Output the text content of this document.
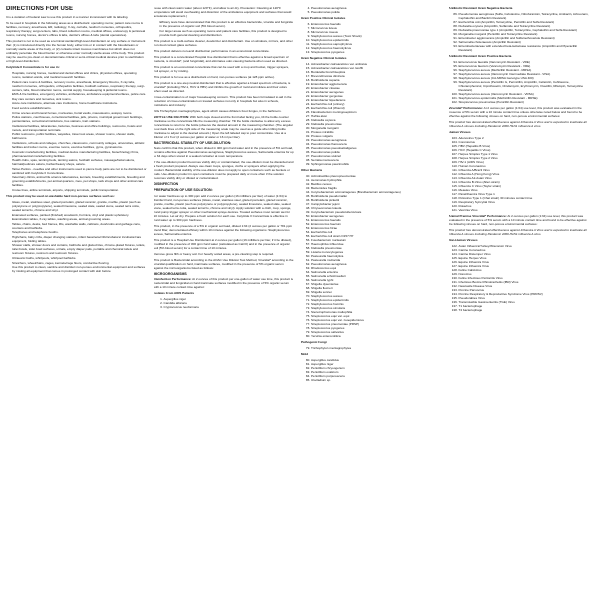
DIRECTIONS FOR USE

It is a violation of Federal Law to use this product in a manner inconsistent with its labeling.

To be used in hospitals in the following areas as a disinfectant: operating rooms; patient care rooms & facilities, recovery, anesthesia, ER, radiology, X-ray, cat labs, newborn nurseries, orthopedics, respiratory therapy, surgi-centers, labs, blood collection rooms, medical offices, endoscopy & peritoneal rooms, nursing homes, doctor's offices & labs, dentist's offices & labs (dental operatories).

This product is not to be used as a terminal sterilant/high-level disinfectant on any surface or instrument that: (1) is introduced directly into the human body, either into or in contact with the bloodstream or normally sterile areas of the body, or (2) contacts intact mucous membranes but which does not ordinarily penetrate the blood barrier or otherwise enter normally sterile areas of the body. This product may be used to pre-clean or decontaminate critical or semi-critical medical devices prior to sterilization or high-level disinfection.

Cetylcide II Concentrate is for use in:

• Hospitals, nursing homes, medical and dental offices and clinics, physician offices, operating rooms, isolation wards, and medical research facilities.
• Patient care rooms & facilities, recovery rooms, anesthesia, Emergency Rooms, X-ray labs, newborn nurseries, orthopedics, orthopedics facilities, footbath surfaces, respiratory therapy, surgi-centers, labs, blood collection rooms, central supply, housekeeping & janitorial rooms.
• EMS & fire facilities, emergency vehicles, ambulances, ambulance equipment/surfaces, police cars.
• Day care centers and nurseries, sick rooms.
• Acute care institutions, alternate care institutions, home healthcare institutions.
• Food service establishments.
• Crime scenes and funeral homes, mortuaries, burial vaults, mausoleums, autopsy rooms.
• Police stations, courthouses, correctional facilities, jails, prisons, municipal government buildings, penitentiaries, correctional institutions, bus stations, train stations.
• Institutional facilities, laboratories, factories, business and office buildings, restrooms, hotels and motels, and transportation terminals.
• Public restrooms, public facilities, waysides, travel rest areas, shower rooms, shower stalls, bathrooms.
• Institutions, schools and colleges, churches, classrooms, community colleges, universities, athletic facilities and locker rooms, exercise rooms, exercise facilities, gyms, gymnasiums.
• Cosmetic manufacturing facilities, medical device manufacturing facilities, biotechnology firms, pharmaceutical manufacturing facilities.
• Health clubs, spas, tanning beds, tanning salons, footbath surfaces, massage/facial salons, hair/nail/pedicure salons, barber/beauty shops, salons.
• Tattoo Parlors - needles and other instruments used to pierce body parts are not to be disinfected or sanitized with Cetylcide II Concentrate.
• Veterinary clinics, animal life science laboratories, kennels, breeding establishments, breeding and grooming establishments, pet animal quarters, zoos, pet shops, tack shops and other animal care facilities.
• Cruise lines, airline terminals, airports, shipping terminals, public transportation.

This product may be used on washable hard non-porous surfaces such as:

• Glass, metal, stainless steel, glazed porcelain, glazed ceramic, granite, marble, plastic (such as polystyrene or polypropylene), sealed limestone, sealed slate, sealed stone, sealed terra cotta, sealed terrazzo, chrome and vinyl.
• Enameled surfaces, painted (finished) woodwork, Formica, vinyl and plastic upholstery.
• Examination tables, X-ray tables, washing areas, animal grooming areas.
• Tables, chairs, desks, bed frames, lifts, washable walls, cabinets, doorknobs and garbage cans, counters and bathtubs.
• Telephones and telephone booths.
• Highchairs, baby cribs, diaper changing stations, infant bassinets/crib/incubators/ incubator/care equipment, folding tables.
• Shower stalls, shower doors and curtains, bathtubs and glazed tiles, chrome-plated fixtures, toilets, toilet bowls, toilet bowl surfaces, urinals, empty diaper pails, portable and chemical toilets and restroom fixtures, restroom and restroom fixtures.
• Ultrasonic baths, whirlpools, whirlpool bathtubs.
• Stretchers, wheelchairs, cages, kennels/cage floors, conductive flooring.
• Use this product to clean, sanitize and disinfect non-porous environmental equipment and surfaces by misting all equipment that comes in prolonged contact with skin before

reuse with clean warm water (about 120°F), and allow to air dry. Precaution: Cleaning at 120°F temperature will avoid overheating and distortion of the ambulance equipment and surfaces that would accelerate replacement.)

• Efficacy tests have demonstrated that this product is an effective bactericide, virucide and fungicide in the presence of organic soil (5% blood serum).
• For larger areas such as operating rooms and patient care facilities, this product is designed to provide both general cleaning and disinfection.

This product is a multi-surface cleaner, deodorizer and disinfectant. Use on windows, mirrors, and other non-food contact glass surfaces.

This product delivers non-acid disinfection performance in an economical concentrate.

This product is a concentrated Hospital Use disinfectant that is effective against a broad spectrum of bacteria, is virucidal*, (and fungicidal), and eliminates odor-causing bacteria when used as directed.

This product is an economical concentrate that can be used with a mop and bucket, trigger sprayers, coil sprayer, or by misting.

This product is for use as a disinfectant on hard, non-porous surfaces (at 128 ppm active).

This product is a one-step neutral disinfectant that is effective against a broad spectrum of bacteria, is virucidal* (including HIV-1, HCV & HBV) and inhibits the growth of mold and mildew and their odors when used as directed.

Cross-contamination is of major housekeeping concern. This product has been formulated to aid in the reduction of cross-contamination on treated surfaces not only in hospitals but also in schools, institutions and industry.

Kills Trichophyton mentagrophytes, agent which causes Athlete's Foot fungus, in the bathroom.

BOTTLE USE DILUTION: With both caps closed and the front label facing you, tilt the bottle counter clockwise so the concentrate fills the measuring chamber. Tilt the bottle clockwise to allow any excess concentrate to return to the bottle (observe the desired amount in the measuring chamber. (The angular pour-back lines on the right side of the measuring scale may be used as a guide when tilting bottle clockwise to adjust to the desired amount.) Open the left labeled cap to pour concentrate. Use at a dilution of 1 fl oz (2 ounces per gallon of water or 16 ml per liter).

BACTERICIDAL STABILITY OF USE-DILUTION:

Tests confirm that this product, when diluted in 400 ppm hard water and in the presence of 5% soil load, remains effective against Pseudomonas aeruginosa, Staphylococcus aureus, Salmonella enterica for up to 64 days when stored in a sealed container at room temperature.

If the use-dilution product becomes visibly dirty or contaminated, the use-dilution must be discarded and a fresh product prepared. Always use clean mops, sponges, cloths or sprayers when applying the product. Bactericidal stability of the use-dilution does not apply to open containers such as buckets or pails. Use-dilution product in open containers must be prepared daily or more often if the solution becomes visibly dirty or diluted or contaminated.

DISINFECTION
PREPARATION OF USE SOLUTION:

For water hardness up to 300 ppm add 2 ounces per gallon (16 milliliters per liter) of water (1:64) to disinfect hard, non-porous surfaces (Glass, metal, stainless steel, glazed porcelain, glazed ceramic, granite, marble, plastic (such as polystyrene or polypropylene), sealed limestone, sealed slate, sealed stone, sealed terra cotta, sealed terrazzo, chrome and vinyl). Apply solution with a cloth, mop, sponge, hand pump trigger sprayer or other mechanical spraye devices. Treated surfaces must remain wet for 10 minutes. Let air dry. Prepare a fresh solution for each use. Cetylcide II Concentrate is effective in hard water up to 300 ppm hardness.

This product, in the presence of a 5% in organic soil load, diluted 1:64 (2 ounces per gallon or 781 ppm blend filter, demonstrated efficacy within 10 minutes against the following organisms: Staphylococcus aureus, Salmonella enterica.

This product is a Hospital Use Disinfectant at 2 ounces per gallon (16 milliliters per liter, if it be diluted), modified in the presence of 300 ppm hard water (calculated as CaCO) and in the presence of organic soil (5% blood serum) for a contact time of 10 minutes.

Remove gross filth or heavy soil. For heavily soiled areas, a pre-cleaning step is required.

This product is Bactericidal according to the AOAC Use Dilution Test Method, Virucidal* according to the virucidal qualification on hard, inanimate surfaces, modified in the presence of 5% organic serum against the microorganisms listed as follows:

MICROORGANISMS

Disinfection Performance: At 2 ounces of this product per one-gallon of water use time, this product is bactericidal and fungicidal on hard inanimate surfaces modified in the presence of 5% organic serum with a 10 minute contact time against:

Isolates From AIDS Patients

1. Aspergillus niger
2. Candida albicans
3. Cryptococcus neoformans
4. Pseudomonas aeruginosa
5. Pseudomonas putida

Gram Positive Clinical Isolates

6. Enterococcus faecalis
7. Micrococcus luteus
8. Micrococcus roseus
9. Staphylococcus aureus (Toxic Shock)
10. Staphylococcus epidermidis
11. Staphylococcus saprophyticus
12. Staphylococcus haemolyticus
13. Streptococcus pyogenes

Gram Negative Clinical Isolates

14. Acinetobacter calcoaceticus var. anitratus
15. Acinetobacter calcoaceticus var. lwoffii
16. Bordetella bronchiseptica
17. Brevundimonas diminuta
18. Burkholderia cepacia
19. Enterobacter agglomerans
20. Enterobacter cloacae
21. Enterobacter aerogenes
22. Enterobacter gergoviae
23. Enterobacter liquefaciens
24. Escherichia coli (urinary)
25. Escherichia coli (Wound)
26. Flavobacterium meningosepticum
27. Hafnia alvei
28. Klebsiella oxytoca
29. Klebsiella pneumoniae
30. Morganella morganii
31. Proteus mirabilis
32. Proteus vulgaris
33. Pseudomonas aeruginosa
34. Pseudomonas fluorescens
35. Pseudomonas pseudoalcaligenes
36. Pseudomonas putida
37. Pseudomonas stutzeri
38. Serratia marcescens
39. Sphingomonas paucimobilis

Other Bacteria

40. Actinobacillus pleuropneumoniae
41. Aeromonas hydrophila
42. Bacillus cereus
43. Bacteroides fragilis
44. Corynebacterium ammoniagenes (Brevibacterium ammoniagenes)
45. Burkholderia pseudomallei
46. Burkholderia pickettii
47. Campylobacter jejuni
48. Chryseomonas luteola
49. Corynebacterium pseudotuberculosis
50. Enterobacter aerogenes
51. Enterococcus faecalis
52. Enterococcus faecium
53. Enterococcus hirae
54. Escherichia coli
55. Escherichia coli strain O157:H7
56. Fusobacterium nucleatum
57. Haemophilus influenzae
58. Klebsiella pneumoniae
59. Listeria monocytogenes
60. Pasteurella haemolytica
61. Pasteurella multocida
62. Pseudomonas aeruginosa
63. Rhodococcus equi
64. Salmonella enterica
65. Salmonella schottmuelleri
66. Salmonella typhi
67. Shigella dysenteriae
68. Shigella flexneri
69. Shigella sonnei
70. Staphylococcus aureus
71. Staphylococcus epidermidis
72. Staphylococcus hominis
73. Staphylococcus simulans
74. Stenotrophomonas maltophilia
75. Streptococcus equi var. equi
76. Streptococcus equi var. zooepidemicus
77. Streptococcus pneumoniae (PRSP)
78. Streptococcus pyogenes
79. Streptococcus salivarius
80. Yersinia enterocolitica

Pathogenic Fungi

79. Trichophyton mentagrophytes

Mold

80. Aspergillus candidus
81. Aspergillus niger
82. Penicillium chrysogenum
83. Penicillium oxalicum
84. Penicillium purpurescens
85. Ulocladium sp.

Antibiotic Resistant Gram Negative Bacteria

86. Pseudomonas aeruginosa (Sulfa, Cefotaxime, Nitrofurantoin, Tetracycline, Amikacin, Aztreonam, Cephalothin and Bacitrin Resistant)
87. Escherichia coli (Ampicillin, Tetracycline, Penicillin and Sulfa Resistant)
88. Klebsiella oxytoca (Ampicillin, Sulfamide and Tetracycline Resistant)
89. Klebsiella pneumoniae type 1 (Ampicillin, Tetracycline, Cephalothin and Sulfa Resistant)
90. Morganella morganii (Penicillin and Tetracycline Resistant)
91. Enterobacter agglomerans (Ampicillin and Sulfamethoxazole Resistant)
92. Salmonella choleraesuis (Ampicillin Resistant)
93. Enterobacteriaceae with extended beta-lactamase resistance (Ampicillin and Piperacillin Resistant)

Antibiotic Resistant Gram Positive Bacteria

94. Enterococcus faecalis (Vancomycin Resistant - VRE)
95. Enterococcus faecium (Vancomycin Resistant - VRE)
96. Staphylococcus aureus (Methicillin Resistant - MRSA)
97. Staphylococcus aureus (Vancomycin Intermediate Resistant - VISA)
98. Staphylococcus aureus (CA-MRSA Genotype USA 400)
99. Staphylococcus aureus (Penicillin G, Pennicillin, Ampicillin, Cefazolin, Ceftriaxone, Chloramphenicol, Ciprofloxacin, Clindamycin, Erythromycin, Oxacillin, Rifampin, Tetracycline Resistant)
100. Staphylococcus aureus (Vancomycin Resistant - VRSA)
101. Staphylococcus epidermidis (Methicillin Resistant - MRSE)
102. Streptococcus pneumoniae (Penicillin Resistant)

Virucidal* Performance: At 2 ounces per gallon (1:64) use level, this product was evaluated in the presence of 5% serum with a 10 minute contact time unless otherwise noted below and found to be effective against the following viruses on hard, non-porous environmental surfaces:

This product has demonstrated effectiveness against Influenza A Virus and is expected to inactivate all influenza A viruses including Pandemic 2009 H1N1 influenza A virus.

Human Viruses

103. Adenovirus Type 2
104. Coronavirus
105. HBV (Hepatitis B Virus)
106. HCV (Hepatitis C Virus)
107. Herpes Simplex Type 1 Virus
108. Herpes Simplex Type 2 Virus
109. HIV-1 (AIDS Virus)
110. Human Coronavirus
111. Influenza A/Brazil Virus
112. Influenza A (Hong Kong) Virus
113. Influenza A2-Asian Virus
114. Influenza B-Virus (Allen strain)
115. Influenza C Virus (Taylor strain)
116. Measles Virus
117. Parainfluenza Virus Type 1
118. Poliovirus Type 1 (Chat strain) 30 minutes contact time
119. Respiratory Syncytial Virus
120. Rotavirus
121. Vaccinia Virus

Animal Premise Virucidal* Performance: At 2 ounces per gallon (1:64) use level, this product was evaluated in the presence of 5% serum with a 10 minute contact time and found to be effective against the following viruses on hard, non-porous environmental surfaces:

This product has demonstrated effectiveness against Influenza A Virus and is expected to inactivate all influenza A viruses including Pandemic 2009-H1N1 influenza A virus.

Non-Human Viruses

122. Avian Influenza/Turkey/Wisconsin Virus
123. Canine Coronavirus
124. Canine Distemper Virus
125. Equine Herpes Virus
126. Equine Influenza Virus
127. Equine Influenza Virus
128. Feline Calicivirus
129. Norovirus
130. Feline Infectious Peritonitis Virus
131. Infectious Bovine Rhinotracheitis (IBR) Virus
132. Newcastle Disease Virus
133. Porcine Parvovirus
134. Porcine Respiratory & Reproductive Syndrome Virus (PRRSV)
135. Pseudorabies Virus
136. Transmissible Gastroenteritis (TGE) Virus
137. T1 bacteriophage
138. T4 bacteriophage
